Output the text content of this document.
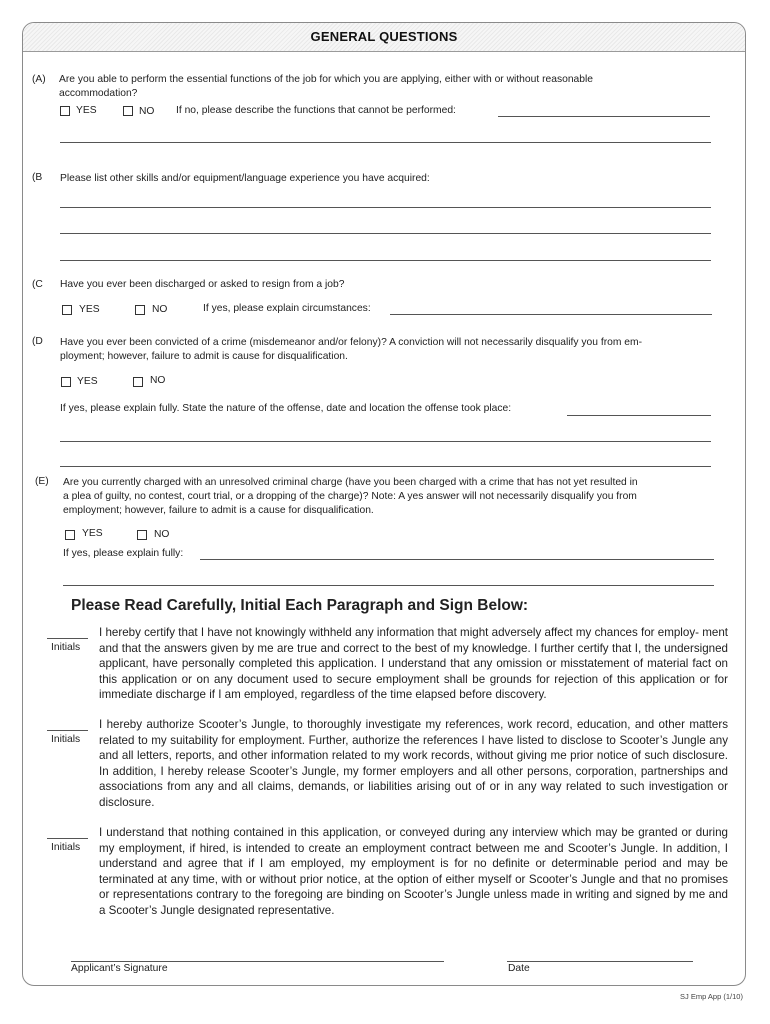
GENERAL QUESTIONS
(A) Are you able to perform the essential functions of the job for which you are applying, either with or without reasonable
accommodation?
YES	NO If no, please describe the functions that cannot be performed:
(B Please list other skills and/or equipment/language experience you have acquired:
(C Have you ever been discharged or asked to resign from a job?
YES	NO	If yes, please explain circumstances:
(D Have you ever been convicted of a crime (misdemeanor and/or felony)? A conviction will not necessarily disqualify you from em-
ployment; however, failure to admit is cause for disqualification.
YES	NO
If yes, please explain fully. State the nature of the offense, date and location the offense took place:
(E) Are you currently charged with an unresolved criminal charge (have you been charged with a crime that has not yet resulted in
a plea of guilty, no contest, court trial, or a dropping of the charge)? Note: A yes answer will not necessarily disqualify you from
employment; however, failure to admit is a cause for disqualification.
YES	NO
If yes, please explain fully:
Please Read Carefully, Initial Each Paragraph and Sign Below:
Initials
I hereby certify that I have not knowingly withheld any information that might adversely affect my chances for employ- ment and that the answers given by me are true and correct to the best of my knowledge. I further certify that I, the undersigned applicant, have personally completed this application. I understand that any omission or misstatement of material fact on this application or on any document used to secure employment shall be grounds for rejection of this application or for immediate discharge if I am employed, regardless of the time elapsed before discovery.
Initials
I hereby authorize Scooter’s Jungle, to thoroughly investigate my references, work record, education, and other matters related to my suitability for employment. Further, authorize the references I have listed to disclose to Scooter’s Jungle any and all letters, reports, and other information related to my work records, without giving me prior notice of such disclosure. In addition, I hereby release Scooter’s Jungle, my former employers and all other persons, corporation, partnerships and associations from any and all claims, demands, or liabilities arising out of or in any way related to such investigation or disclosure.
Initials
I understand that nothing contained in this application, or conveyed during any interview which may be granted or during my employment, if hired, is intended to create an employment contract between me and Scooter’s Jungle. In addition, I understand and agree that if I am employed, my employment is for no definite or determinable period and may be terminated at any time, with or without prior notice, at the option of either myself or Scooter’s Jungle and that no promises or representations contrary to the foregoing are binding on Scooter’s Jungle unless made in writing and signed by me and a Scooter’s Jungle designated representative.
Applicant’s Signature	Date
SJ Emp App (1/10)
